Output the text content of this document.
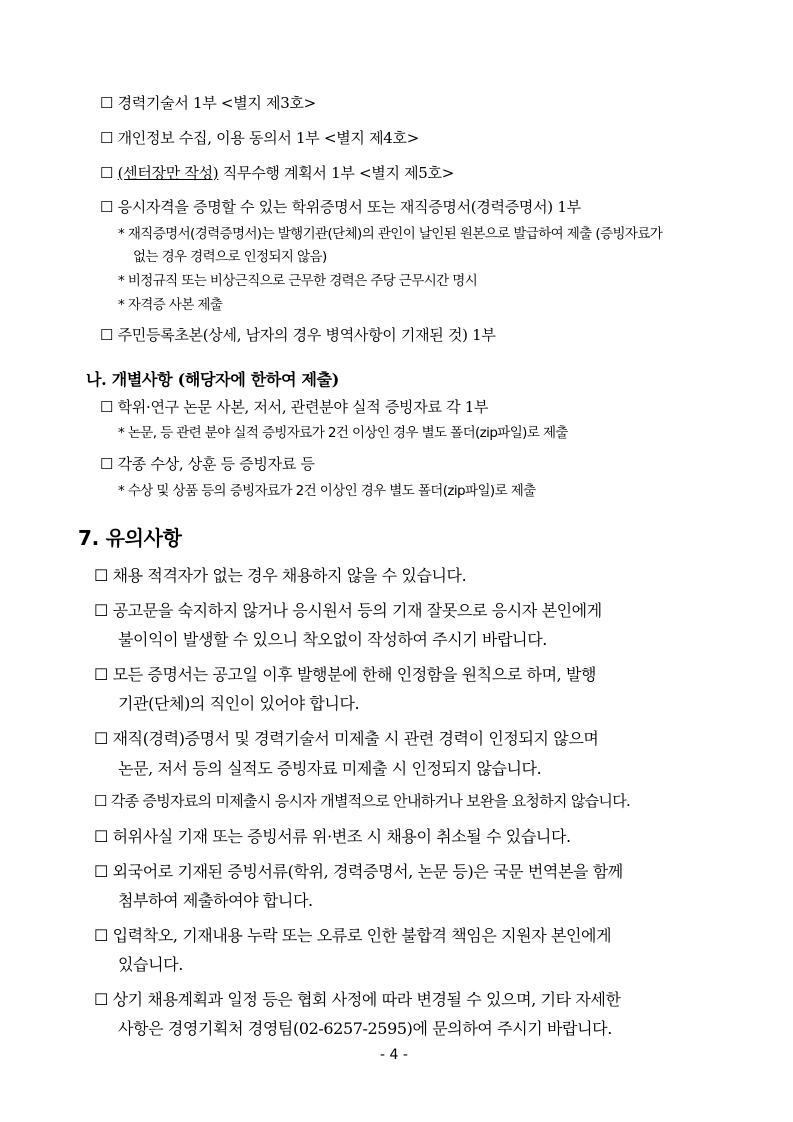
☐ 경력기술서 1부 <별지 제3호>
☐ 개인정보 수집, 이용 동의서 1부 <별지 제4호>
☐ (센터장만 작성) 직무수행 계획서 1부 <별지 제5호>
☐ 응시자격을 증명할 수 있는 학위증명서 또는 재직증명서(경력증명서) 1부
* 재직증명서(경력증명서)는 발행기관(단체)의 관인이 날인된 원본으로 발급하여 제출 (증빙자료가
없는 경우 경력으로 인정되지 않음)
* 비정규직 또는 비상근직으로 근무한 경력은 주당 근무시간 명시
* 자격증 사본 제출
☐ 주민등록초본(상세, 남자의 경우 병역사항이 기재된 것) 1부
나. 개별사항 (해당자에 한하여 제출)
☐ 학위·연구 논문 사본, 저서, 관련분야 실적 증빙자료 각 1부
* 논문, 등 관련 분야 실적 증빙자료가 2건 이상인 경우 별도 폴더(zip파일)로 제출
☐ 각종 수상, 상훈 등 증빙자료 등
* 수상 및 상품 등의 증빙자료가 2건 이상인 경우 별도 폴더(zip파일)로 제출
7. 유의사항
☐ 채용 적격자가 없는 경우 채용하지 않을 수 있습니다.
☐ 공고문을 숙지하지 않거나 응시원서 등의 기재 잘못으로 응시자 본인에게
불이익이 발생할 수 있으니 착오없이 작성하여 주시기 바랍니다.
☐ 모든 증명서는 공고일 이후 발행분에 한해 인정함을 원칙으로 하며, 발행
기관(단체)의 직인이 있어야 합니다.
☐ 재직(경력)증명서 및 경력기술서 미제출 시 관련 경력이 인정되지 않으며
논문, 저서 등의 실적도 증빙자료 미제출 시 인정되지 않습니다.
☐ 각종 증빙자료의 미제출시 응시자 개별적으로 안내하거나 보완을 요청하지 않습니다.
☐ 허위사실 기재 또는 증빙서류 위·변조 시 채용이 취소될 수 있습니다.
☐ 외국어로 기재된 증빙서류(학위, 경력증명서, 논문 등)은 국문 번역본을 함께
첨부하여 제출하여야 합니다.
☐ 입력착오, 기재내용 누락 또는 오류로 인한 불합격 책임은 지원자 본인에게
있습니다.
☐ 상기 채용계획과 일정 등은 협회 사정에 따라 변경될 수 있으며, 기타 자세한
사항은 경영기획처 경영팀(02-6257-2595)에 문의하여 주시기 바랍니다.
- 4 -
